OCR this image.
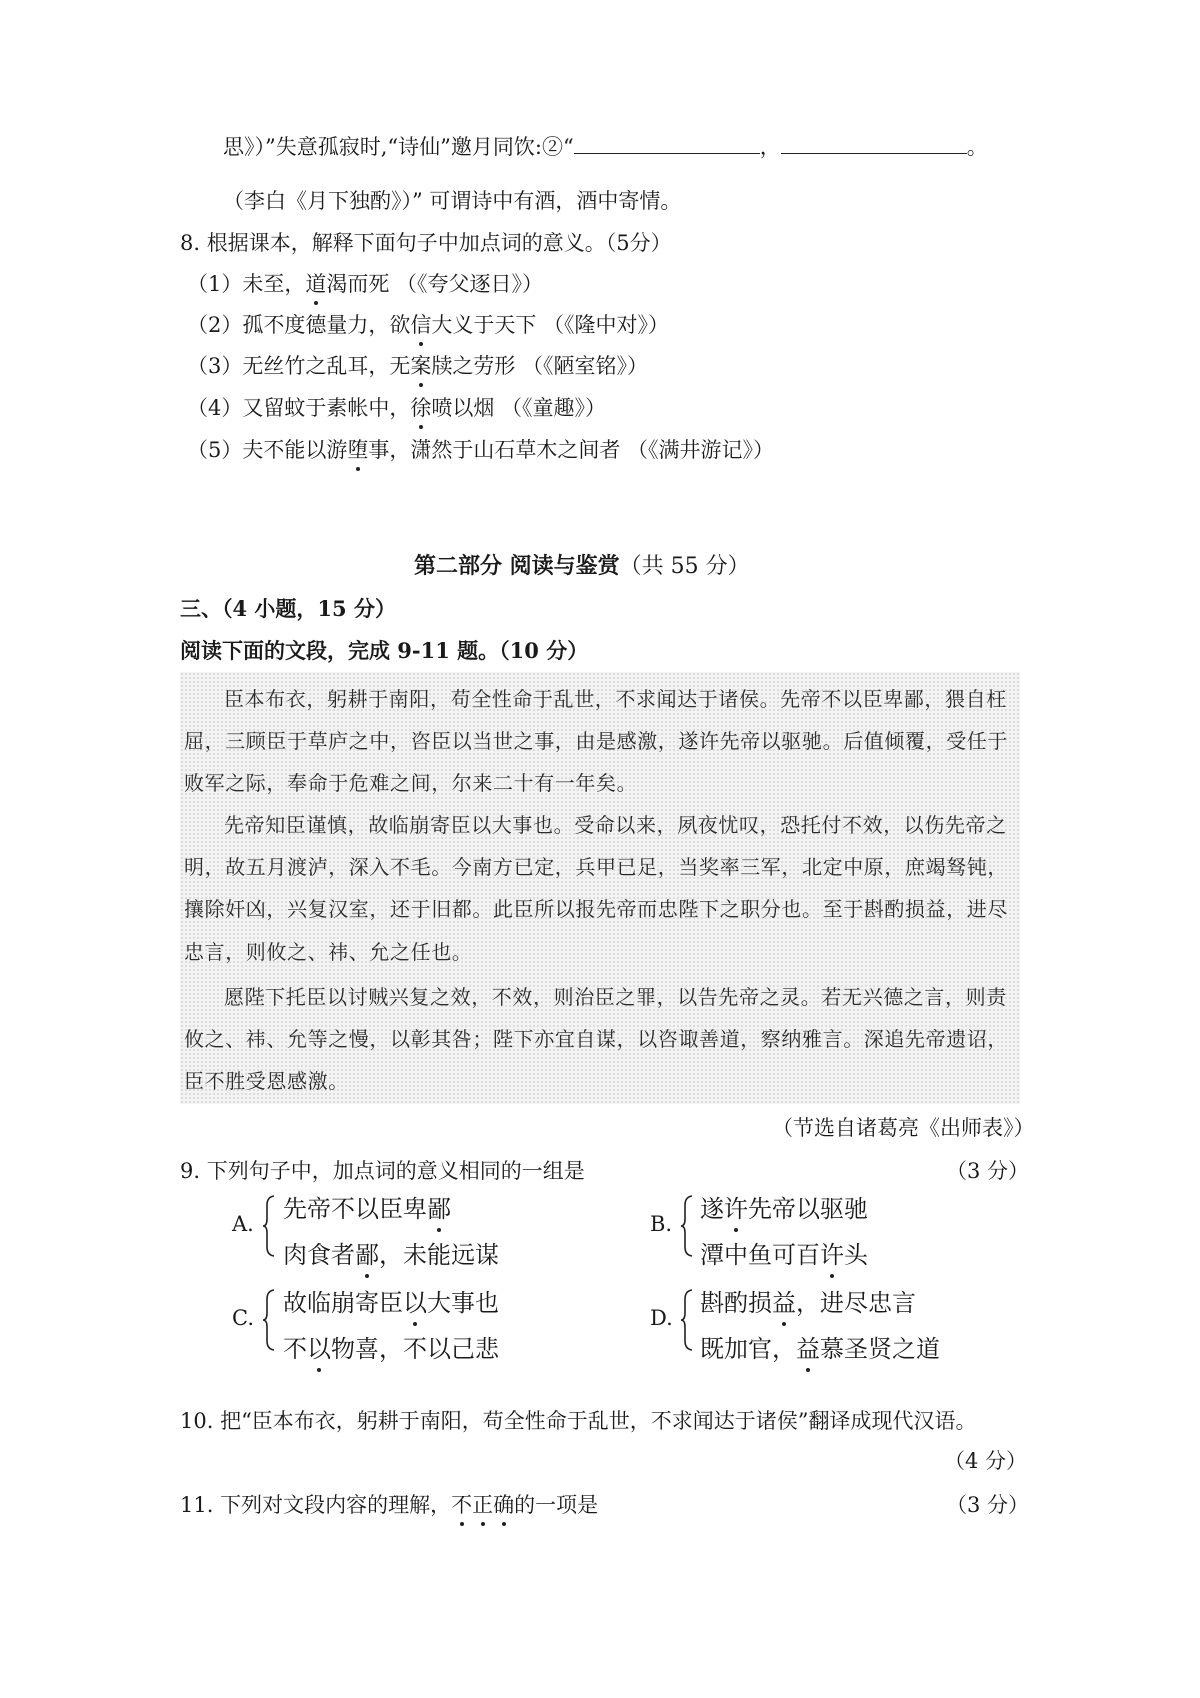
思》）”失意孤寂时,“诗仙”邀月同饮:②“	，	。
（李白《月下独酌》）” 可谓诗中有酒，酒中寄情。
8. 根据课本，解释下面句子中加点词的意义。（5分）
（1）未至，道渴而死 （《夸父逐日》）
（2）孤不度德量力，欲信大义于天下 （《隆中对》）
（3）无丝竹之乱耳，无案牍之劳形 （《陋室铭》）
（4）又留蚊于素帐中，徐喷以烟 （《童趣》）
（5）夫不能以游堕事，潇然于山石草木之间者 （《满井游记》）
第二部分 阅读与鉴赏（共 55 分）
三、（4 小题，15 分）
阅读下面的文段，完成 9-11 题。（10 分）
臣本布衣，躬耕于南阳，苟全性命于乱世，不求闻达于诸侯。先帝不以臣卑鄙，猥自枉
屈，三顾臣于草庐之中，咨臣以当世之事，由是感激，遂许先帝以驱驰。后值倾覆，受任于
败军之际，奉命于危难之间，尔来二十有一年矣。
先帝知臣谨慎，故临崩寄臣以大事也。受命以来，夙夜忧叹，恐托付不效，以伤先帝之
明，故五月渡泸，深入不毛。今南方已定，兵甲已足，当奖率三军，北定中原，庶竭驽钝，
攘除奸凶，兴复汉室，还于旧都。此臣所以报先帝而忠陛下之职分也。至于斟酌损益，进尽
忠言，则攸之、祎、允之任也。
愿陛下托臣以讨贼兴复之效，不效，则治臣之罪，以告先帝之灵。若无兴德之言，则责
攸之、祎、允等之慢，以彰其咎；陛下亦宜自谋，以咨诹善道，察纳雅言。深追先帝遗诏，
臣不胜受恩感激。
（节选自诸葛亮《出师表》）
9. 下列句子中，加点词的意义相同的一组是	（3 分）
A.
先帝不以臣卑鄙
肉食者鄙，未能远谋
B.
遂许先帝以驱驰
潭中鱼可百许头
C.
故临崩寄臣以大事也
不以物喜，不以己悲
D.
斟酌损益，进尽忠言
既加官，益慕圣贤之道
10. 把“臣本布衣，躬耕于南阳，苟全性命于乱世，不求闻达于诸侯”翻译成现代汉语。
（4 分）
11. 下列对文段内容的理解，不正确的一项是	（3 分）
